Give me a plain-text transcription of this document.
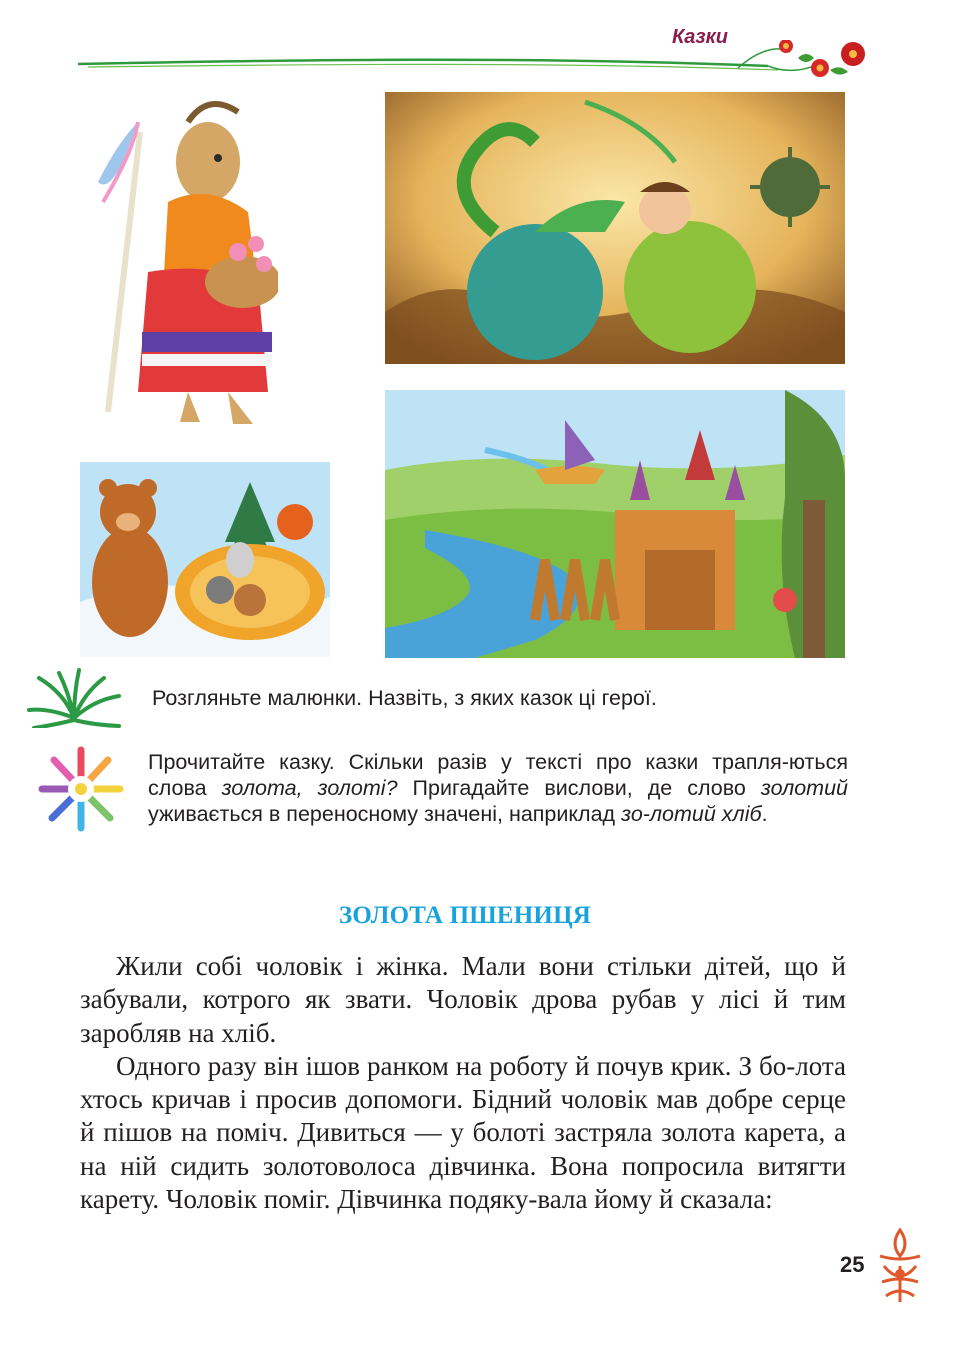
Казки
Розгляньте малюнки. Назвіть, з яких казок ці герої.
Прочитайте казку. Скільки разів у тексті про казки трапля-ються слова золота, золоті? Пригадайте вислови, де слово золотий уживається в переносному значені, наприклад зо-лотий хліб.
ЗОЛОТА ПШЕНИЦЯ

Жили собі чоловік і жінка. Мали вони стільки дітей, що й забували, котрого як звати. Чоловік дрова рубав у лісі й тим заробляв на хліб.

Одного разу він ішов ранком на роботу й почув крик. З бо-лота хтось кричав і просив допомоги. Бідний чоловік мав добре серце й пішов на поміч. Дивиться — у болоті застряла золота карета, а на ній сидить золотоволоса дівчинка. Вона попросила витягти карету. Чоловік поміг. Дівчинка подяку-вала йому й сказала:

25
